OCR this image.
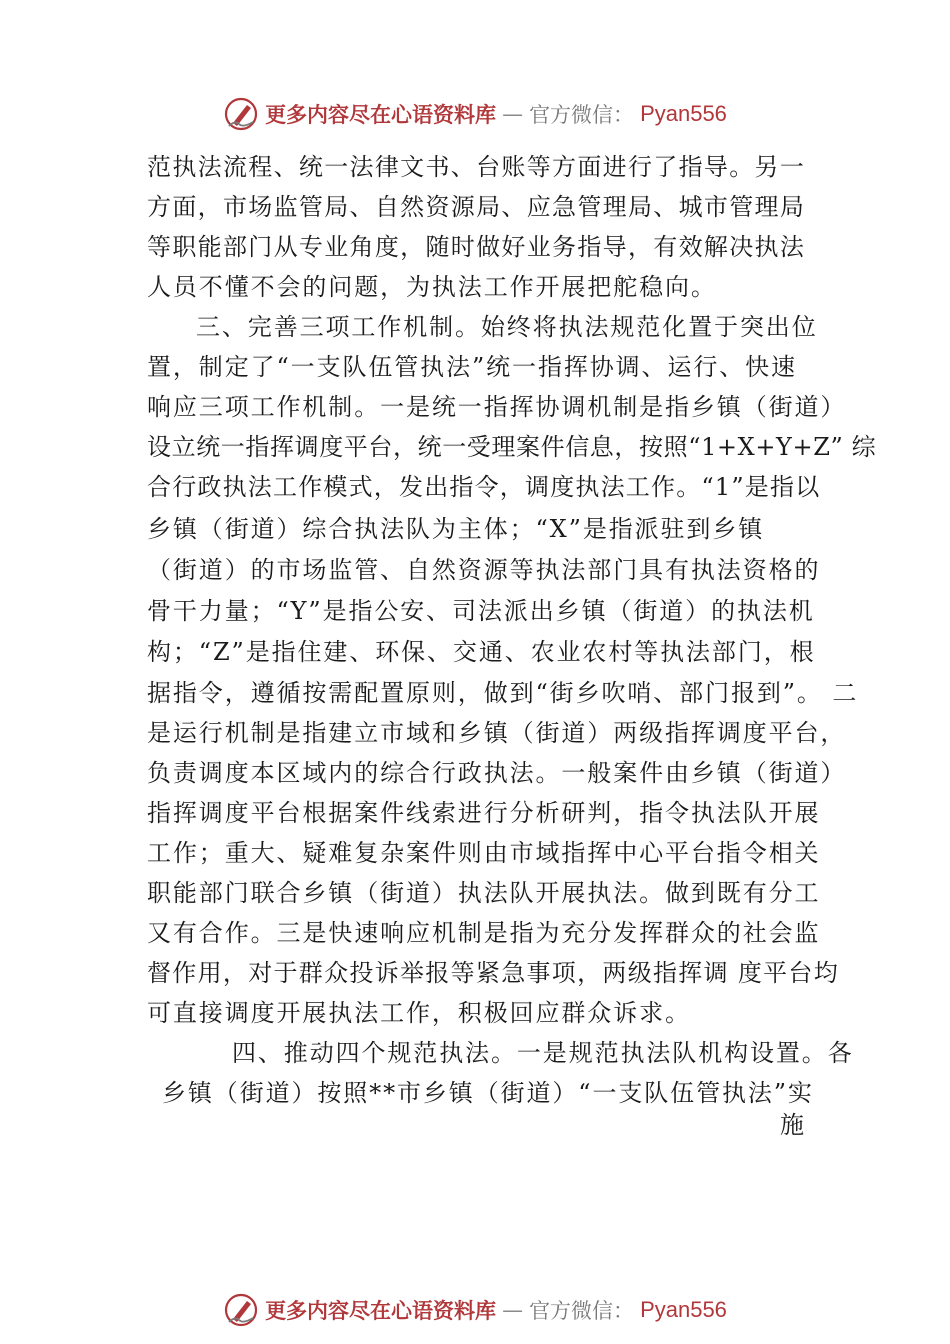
更多内容尽在心语资料库 — 官方微信： Pyan556
范 执 法 流 程 、 统 一 法 律 文 书 、 台 账 等 方 面 进 行 了 指 导 。 另 一
方 面 ， 市 场 监 管 局 、 自 然 资 源 局 、 应 急 管 理 局 、 城 市 管 理 局
等 职 能 部 门 从 专 业 角 度 ， 随 时 做 好 业 务 指 导 ， 有 效 解 决 执 法
人员不懂不会的问题，为执法工作开展把舵稳向。
三、完善三项工作机制。始终将执法规范化置于突出位
置，制定了“一支队伍管执法”统一指挥协调、运行、快速
响应三项工作机制。一是统一指挥协调机制是指乡镇（街道）
设立统一指挥调度平台，统一受理案件信息，按照“1+X+Y+Z” 综
合行政执法工作模式，发出指令，调度执法工作。“1”是指以
乡镇（街道）综合执法队为主体；“X”是指派驻到乡镇
（街道）的市场监管、自然资源等执法部门具有执法资格的
骨干力量；“Y”是指公安、司法派出乡镇（街道）的执法机
构；“Z”是指住建、环保、交通、农业农村等执法部门，根
据指令，遵循按需配置原则，做到“街乡吹哨、部门报到”。 二
是运行机制是指建立市域和乡镇（街道）两级指挥调度平台，
负责调度本区域内的综合行政执法。一般案件由乡镇（街道）
指挥调度平台根据案件线索进行分析研判，指令执法队开展
工作；重大、疑难复杂案件则由市域指挥中心平台指令相关
职能部门联合乡镇（街道）执法队开展执法。做到既有分工
又有合作。三是快速响应机制是指为充分发挥群众的社会监
督作用，对于群众投诉举报等紧急事项，两级指挥调 度平台均
可直接调度开展执法工作，积极回应群众诉求。
四、推动四个规范执法。一是规范执法队机构设置。各
乡镇（街道）按照**市乡镇（街道）“一支队伍管执法”实
施
更多内容尽在心语资料库 — 官方微信： Pyan556
